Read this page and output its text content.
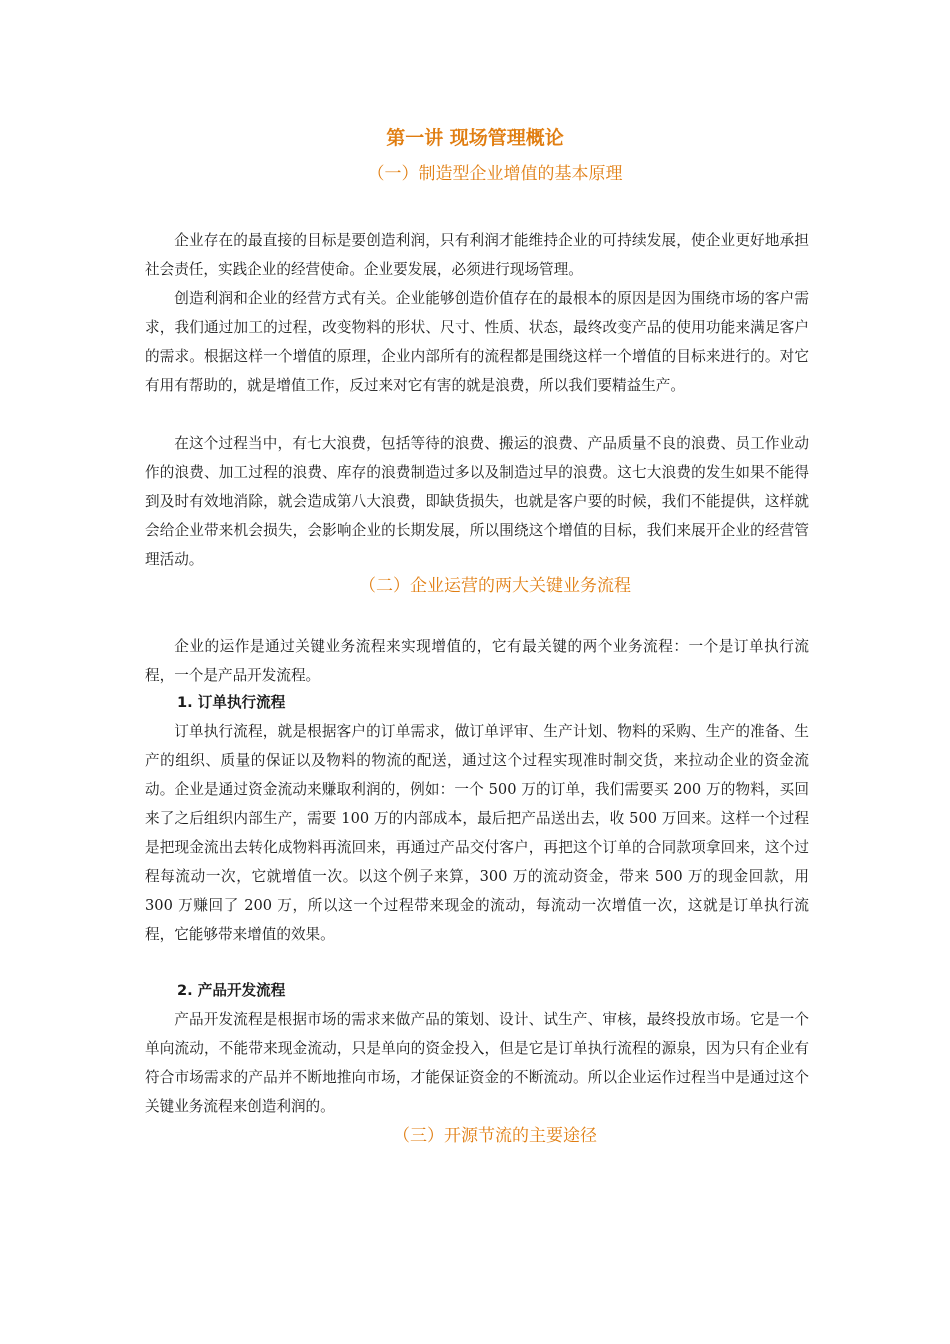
第一讲 现场管理概论
（一）制造型企业增值的基本原理

企业存在的最直接的目标是要创造利润，只有利润才能维持企业的可持续发展，使企业更好地承担社会责任，实践企业的经营使命。企业要发展，必须进行现场管理。

创造利润和企业的经营方式有关。企业能够创造价值存在的最根本的原因是因为围绕市场的客户需求，我们通过加工的过程，改变物料的形状、尺寸、性质、状态，最终改变产品的使用功能来满足客户的需求。根据这样一个增值的原理，企业内部所有的流程都是围绕这样一个增值的目标来进行的。对它有用有帮助的，就是增值工作，反过来对它有害的就是浪费，所以我们要精益生产。

在这个过程当中，有七大浪费，包括等待的浪费、搬运的浪费、产品质量不良的浪费、员工作业动作的浪费、加工过程的浪费、库存的浪费制造过多以及制造过早的浪费。这七大浪费的发生如果不能得到及时有效地消除，就会造成第八大浪费，即缺货损失，也就是客户要的时候，我们不能提供，这样就会给企业带来机会损失，会影响企业的长期发展，所以围绕这个增值的目标，我们来展开企业的经营管理活动。

（二）企业运营的两大关键业务流程

企业的运作是通过关键业务流程来实现增值的，它有最关键的两个业务流程：一个是订单执行流程，一个是产品开发流程。

1. 订单执行流程

订单执行流程，就是根据客户的订单需求，做订单评审、生产计划、物料的采购、生产的准备、生产的组织、质量的保证以及物料的物流的配送，通过这个过程实现准时制交货，来拉动企业的资金流动。企业是通过资金流动来赚取利润的，例如：一个 500 万的订单，我们需要买 200 万的物料，买回来了之后组织内部生产，需要 100 万的内部成本，最后把产品送出去，收 500 万回来。这样一个过程是把现金流出去转化成物料再流回来，再通过产品交付客户，再把这个订单的合同款项拿回来，这个过程每流动一次，它就增值一次。以这个例子来算，300 万的流动资金，带来 500 万的现金回款，用 300 万赚回了 200 万，所以这一个过程带来现金的流动，每流动一次增值一次，这就是订单执行流程，它能够带来增值的效果。

2. 产品开发流程

产品开发流程是根据市场的需求来做产品的策划、设计、试生产、审核，最终投放市场。它是一个单向流动，不能带来现金流动，只是单向的资金投入，但是它是订单执行流程的源泉，因为只有企业有符合市场需求的产品并不断地推向市场，才能保证资金的不断流动。所以企业运作过程当中是通过这个关键业务流程来创造利润的。

（三）开源节流的主要途径
